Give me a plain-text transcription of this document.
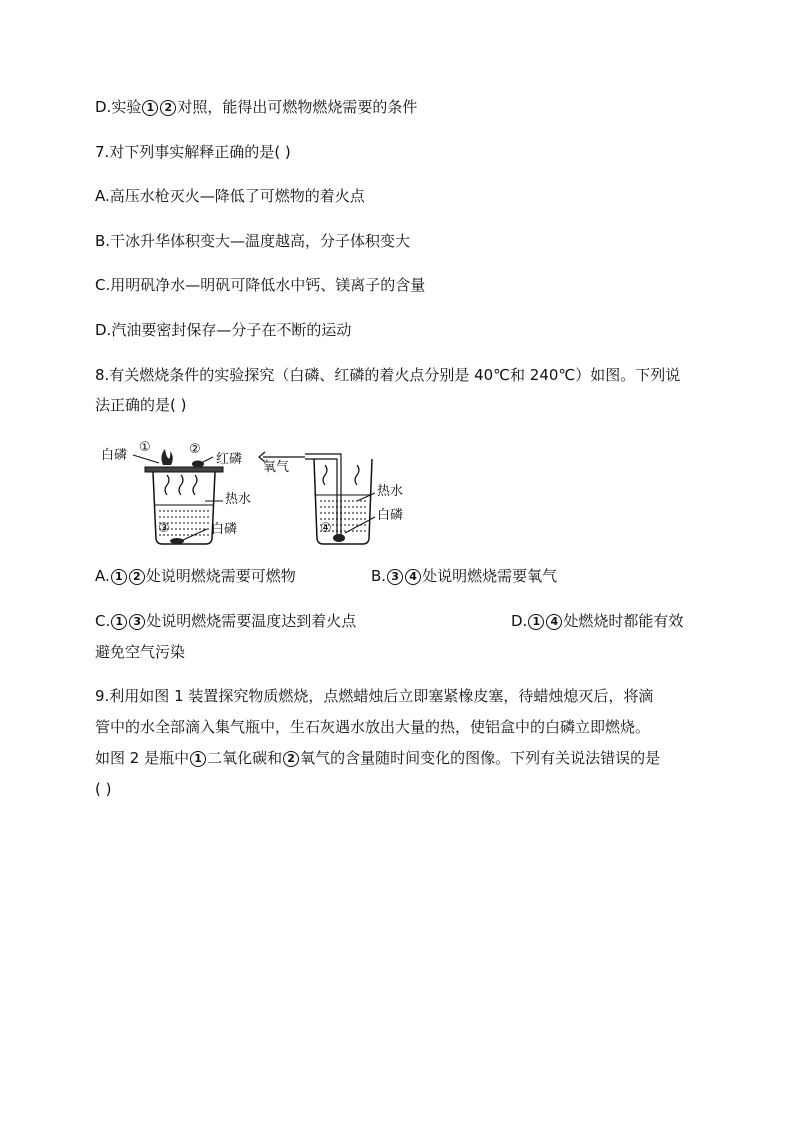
D.实验 1 2 对照，能得出可燃物燃烧需要的条件
7.对下列事实解释正确的是( )
A.高压水枪灭火—降低了可燃物的着火点
B.干冰升华体积变大—温度越高，分子体积变大
C.用明矾净水—明矾可降低水中钙、镁离子的含量
D.汽油要密封保存—分子在不断的运动
8.有关燃烧条件的实验探究（白磷、红磷的着火点分别是 40℃和 240℃）如图。下列说
法正确的是( )
白磷
①	②
红磷
热水
③	白磷
氧气
热水
白磷
④
A. 1 2 处说明燃烧需要可燃物	B. 3 4 处说明燃烧需要氧气
C. 1 3 处说明燃烧需要温度达到着火点	D. 1 4 处燃烧时都能有效
避免空气污染
9.利用如图 1 装置探究物质燃烧，点燃蜡烛后立即塞紧橡皮塞，待蜡烛熄灭后，将滴
管中的水全部滴入集气瓶中，生石灰遇水放出大量的热，使铝盒中的白磷立即燃烧。
如图 2 是瓶中 1 二氧化碳和 2 氧气的含量随时间变化的图像。下列有关说法错误的是
( )
